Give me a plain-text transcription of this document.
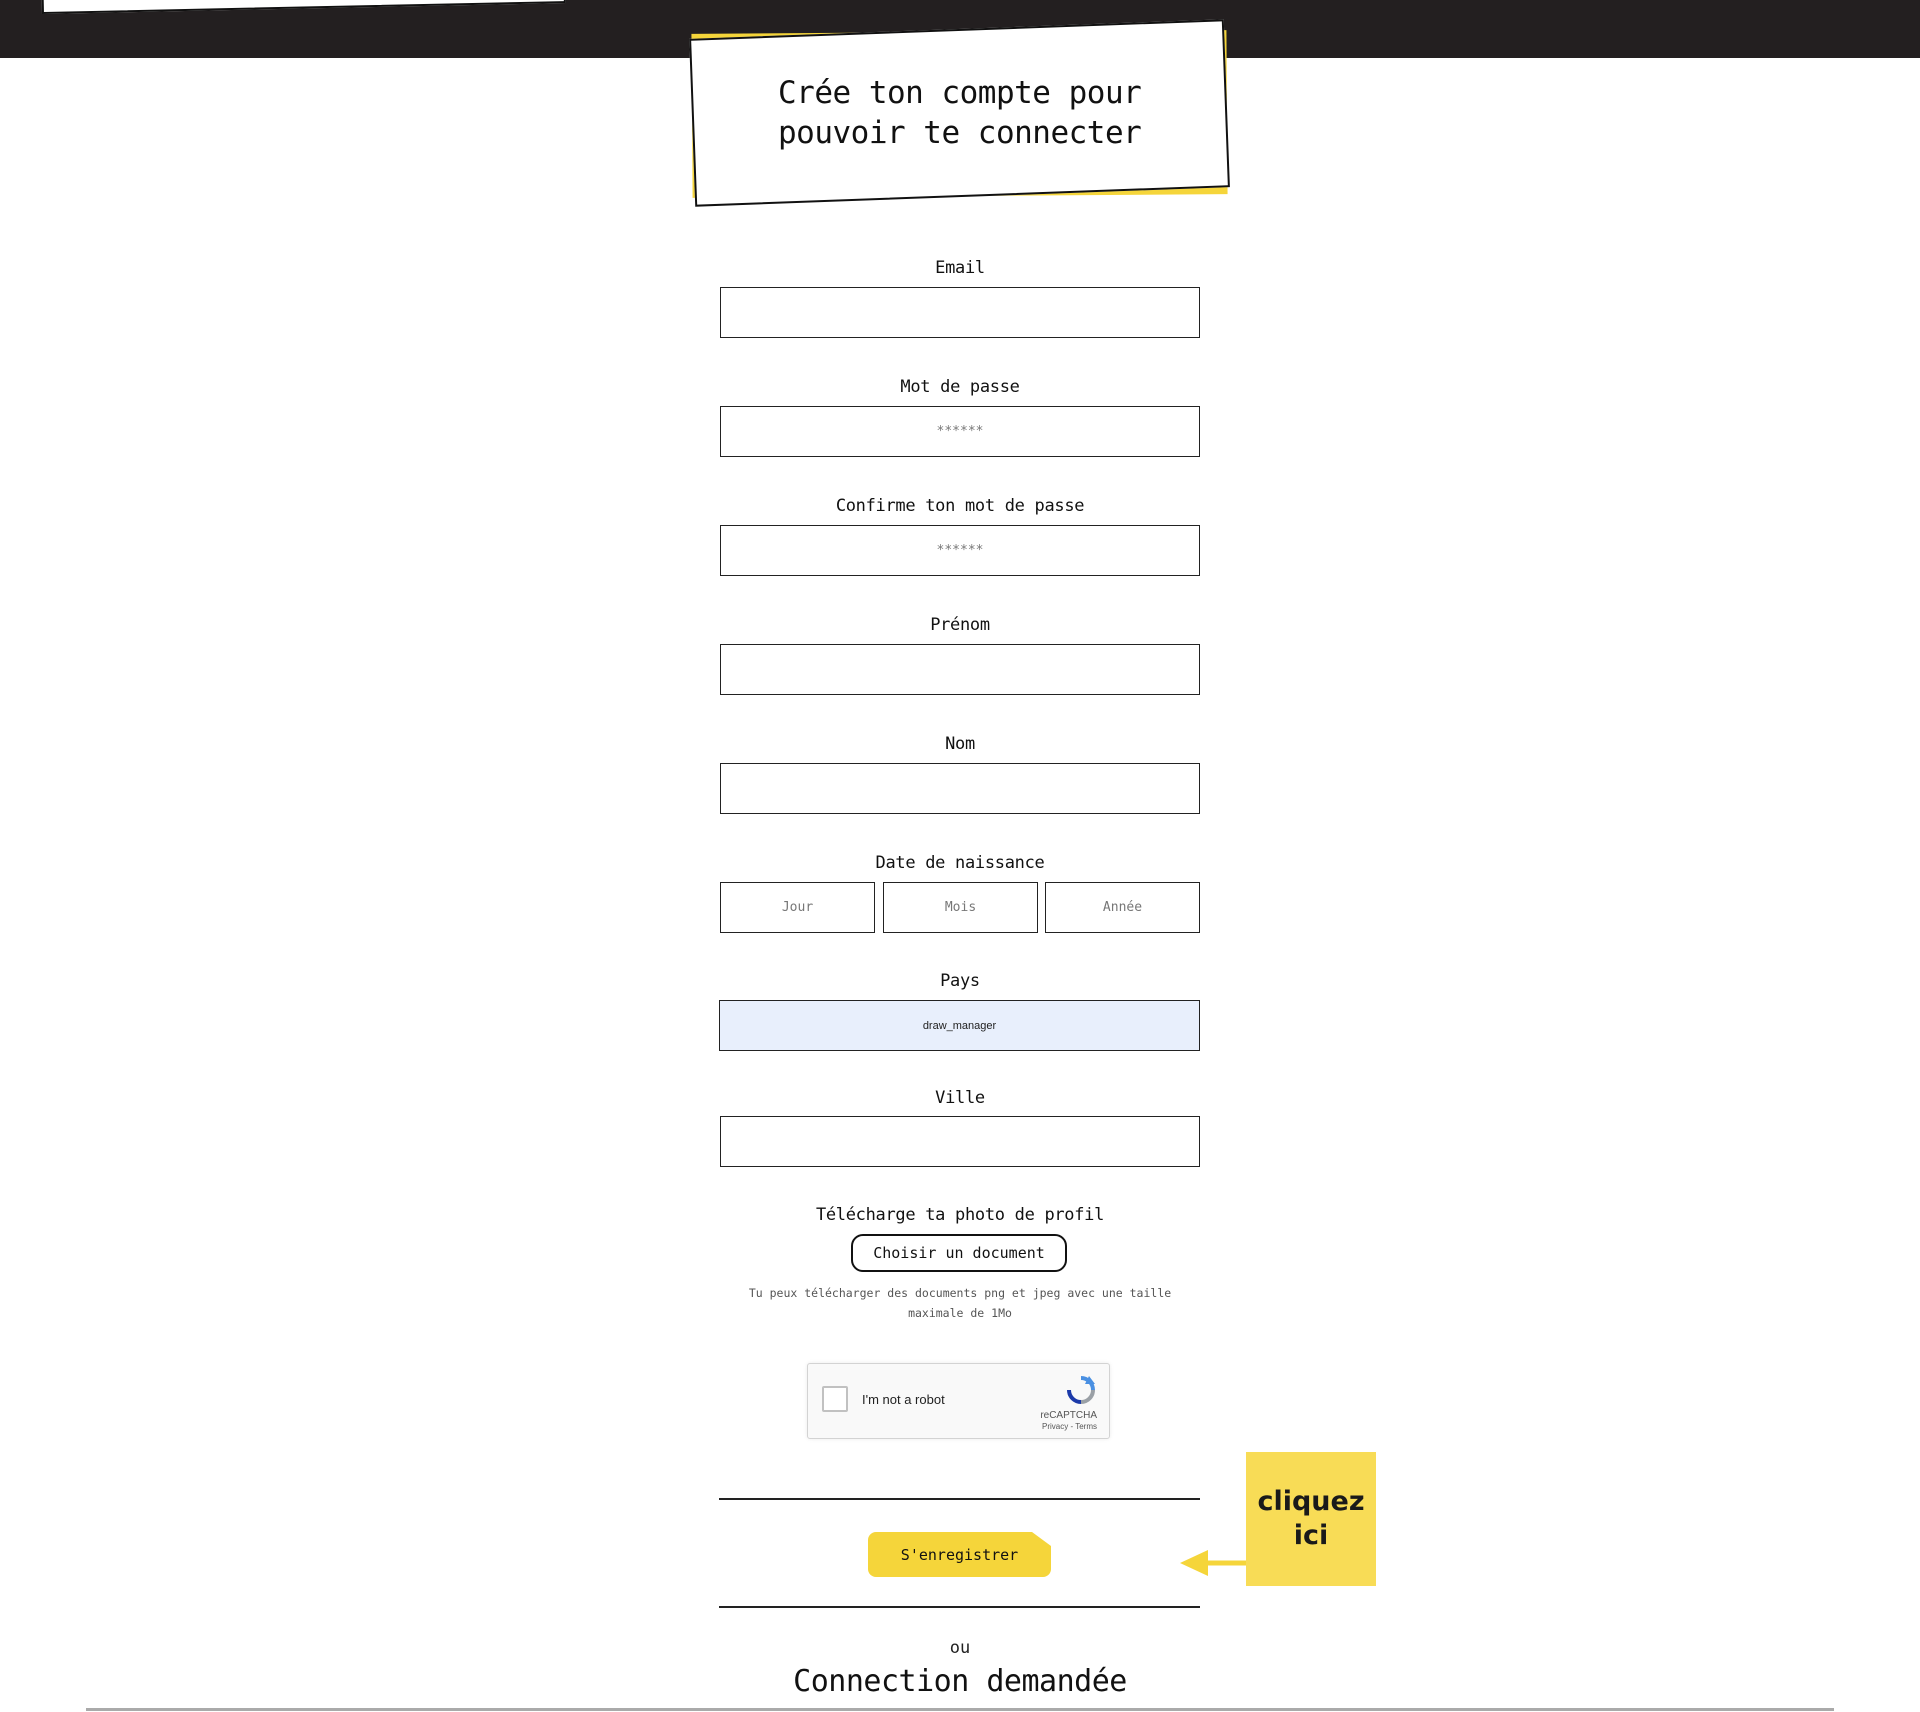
Crée ton compte pour
pouvoir te connecter
Email
Mot de passe
******
Confirme ton mot de passe
******
Prénom
Nom
Date de naissance
Jour	Mois	Année
Pays
draw_manager
Ville
Télécharge ta photo de profil
Choisir un document
Tu peux télécharger des documents png et jpeg avec une taille maximale de 1Mo
I'm not a robot
reCAPTCHA
Privacy - Terms
S'enregistrer
cliquez
ici
ou
Connection demandée
